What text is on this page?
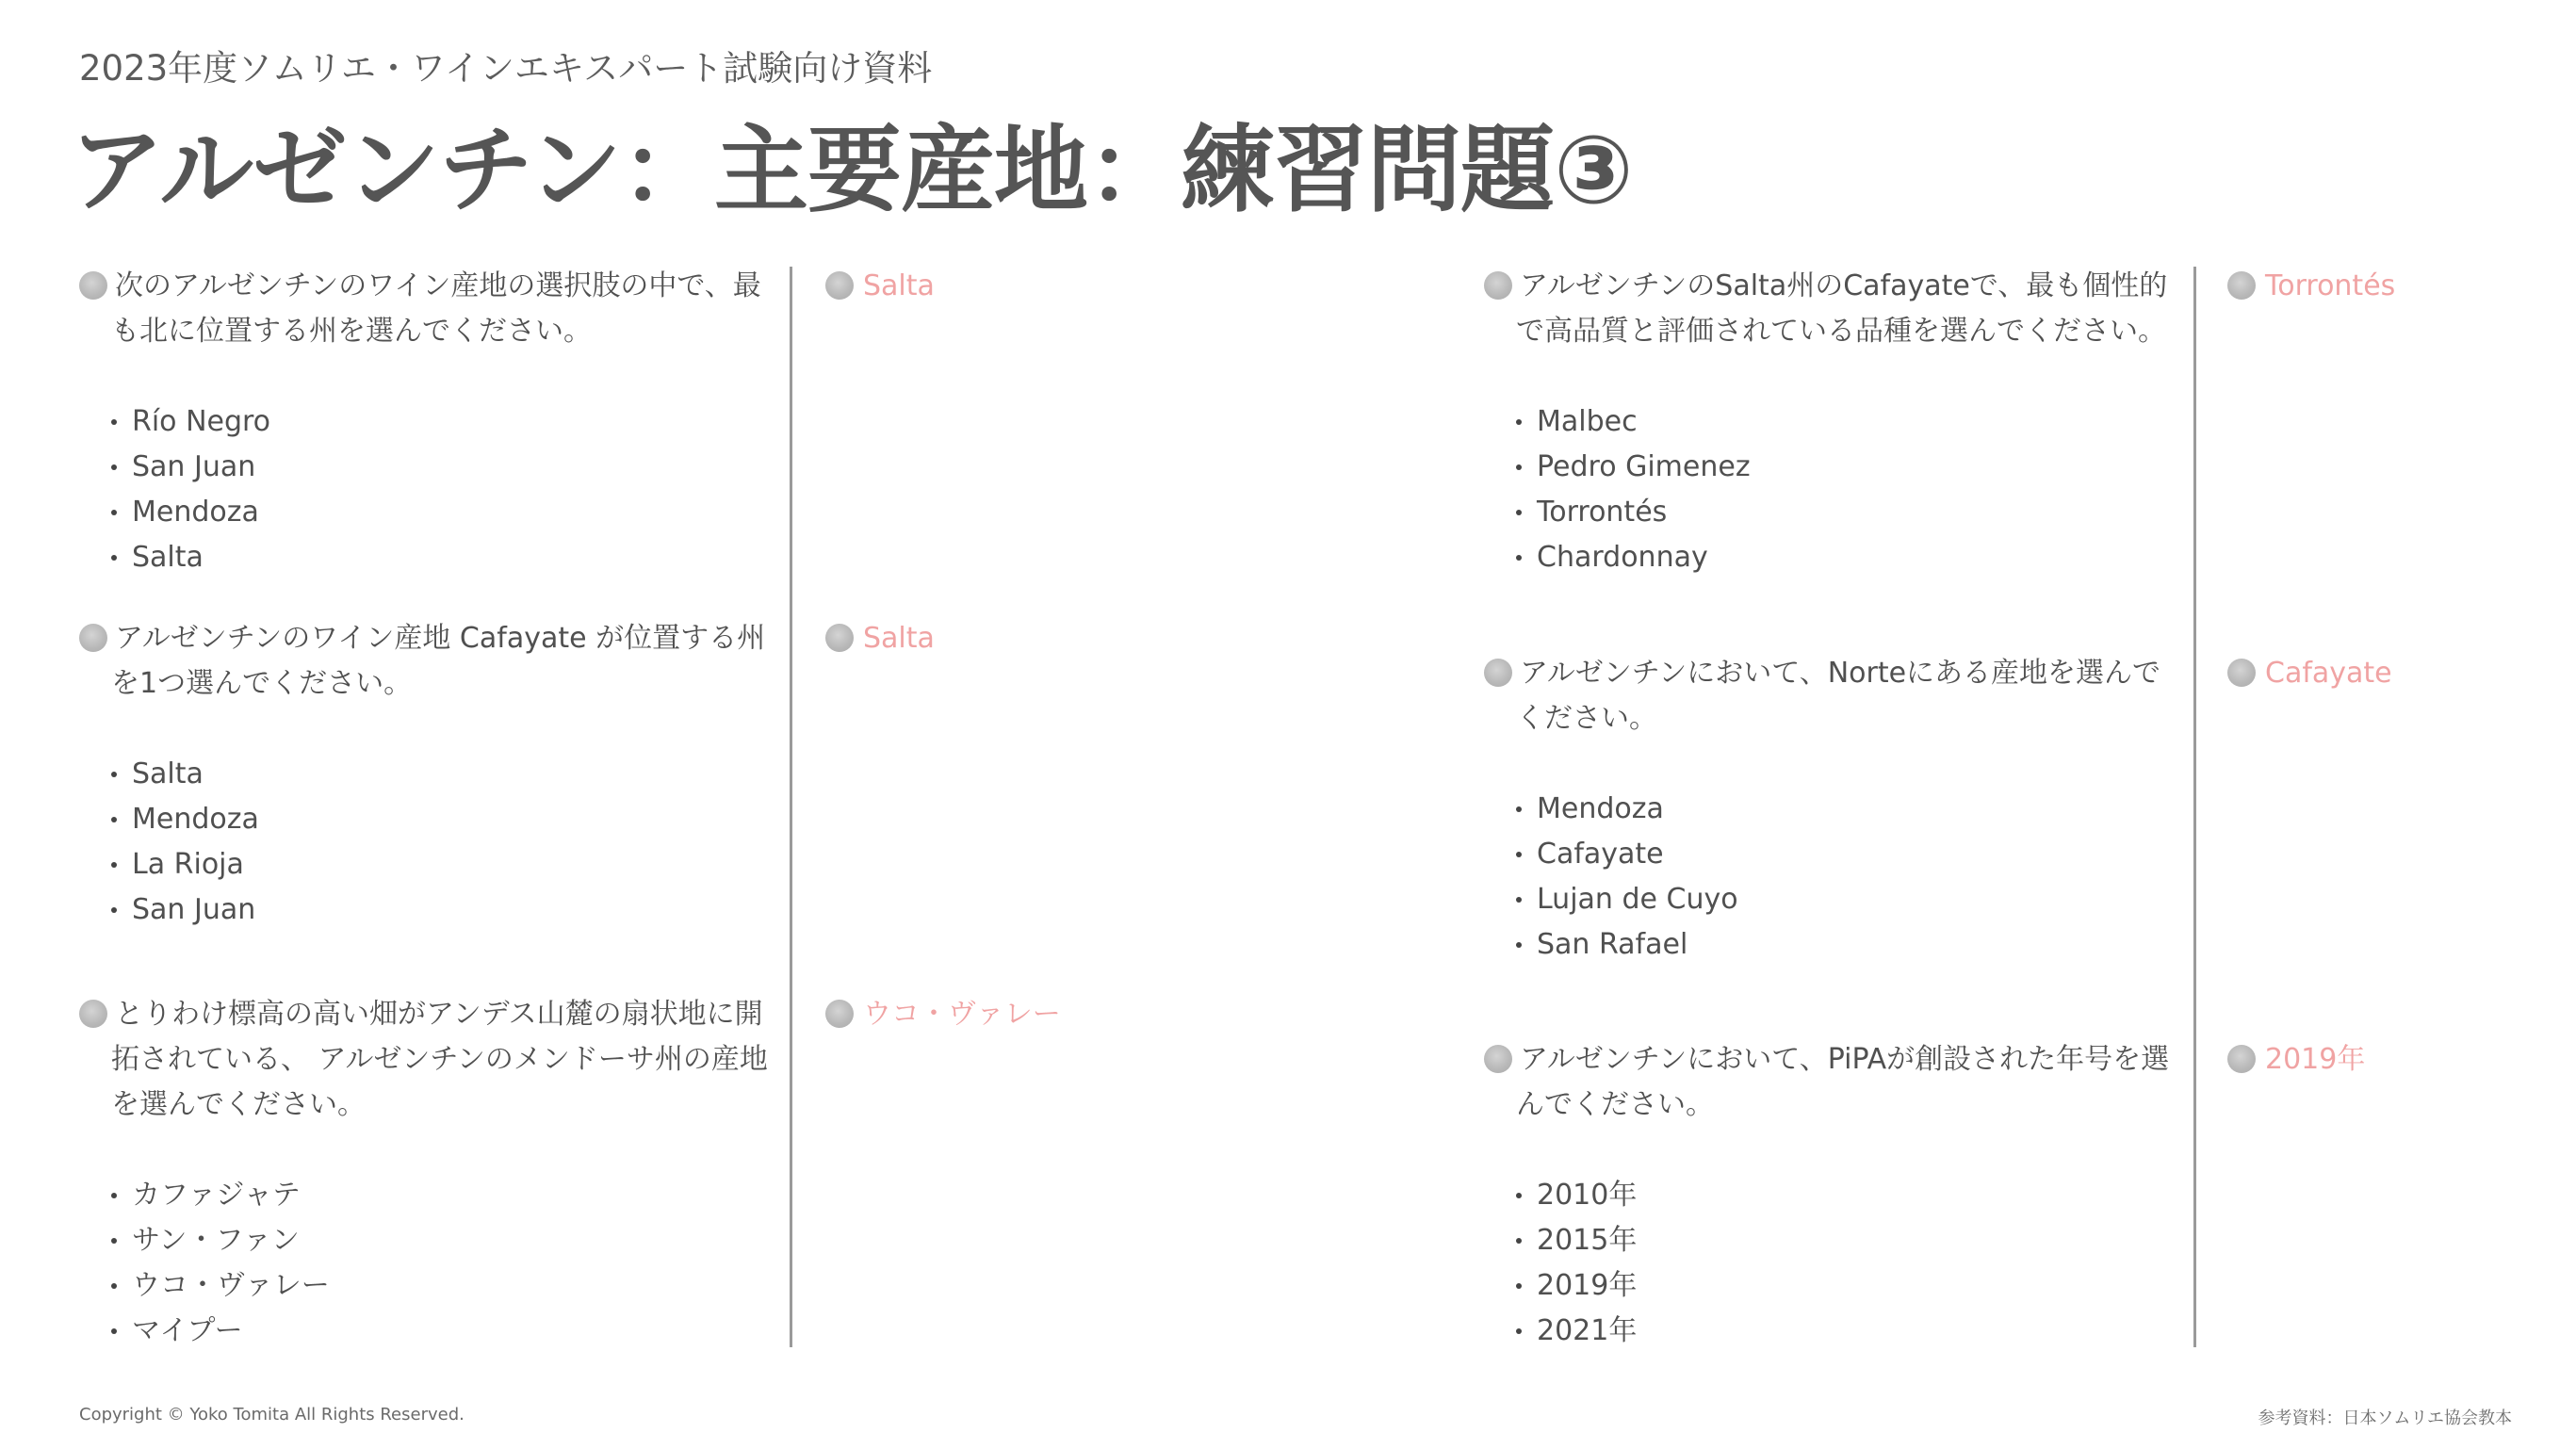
2023年度ソムリエ・ワインエキスパート試験向け資料
アルゼンチン：主要産地：練習問題③

次のアルゼンチンのワイン産地の選択肢の中で、最も北に位置する州を選んでください。

Río Negro
San Juan
Mendoza
Salta

アルゼンチンのワイン産地 Cafayate が位置する州を1つ選んでください。

Salta
Mendoza
La Rioja
San Juan

とりわけ標高の高い畑がアンデス山麓の扇状地に開拓されている、 アルゼンチンのメンドーサ州の産地を選んでください。

カファジャテ
サン・ファン
ウコ・ヴァレー
マイプー
Salta
Salta
ウコ・ヴァレー

アルゼンチンのSalta州のCafayateで、最も個性的で高品質と評価されている品種を選んでください。

Malbec
Pedro Gimenez
Torrontés
Chardonnay

アルゼンチンにおいて、Norteにある産地を選んでください。

Mendoza
Cafayate
Lujan de Cuyo
San Rafael

アルゼンチンにおいて、PiPAが創設された年号を選んでください。

2010年
2015年
2019年
2021年
Torrontés
Cafayate
2019年
Copyright © Yoko Tomita All Rights Reserved.	参考資料：日本ソムリエ協会教本
